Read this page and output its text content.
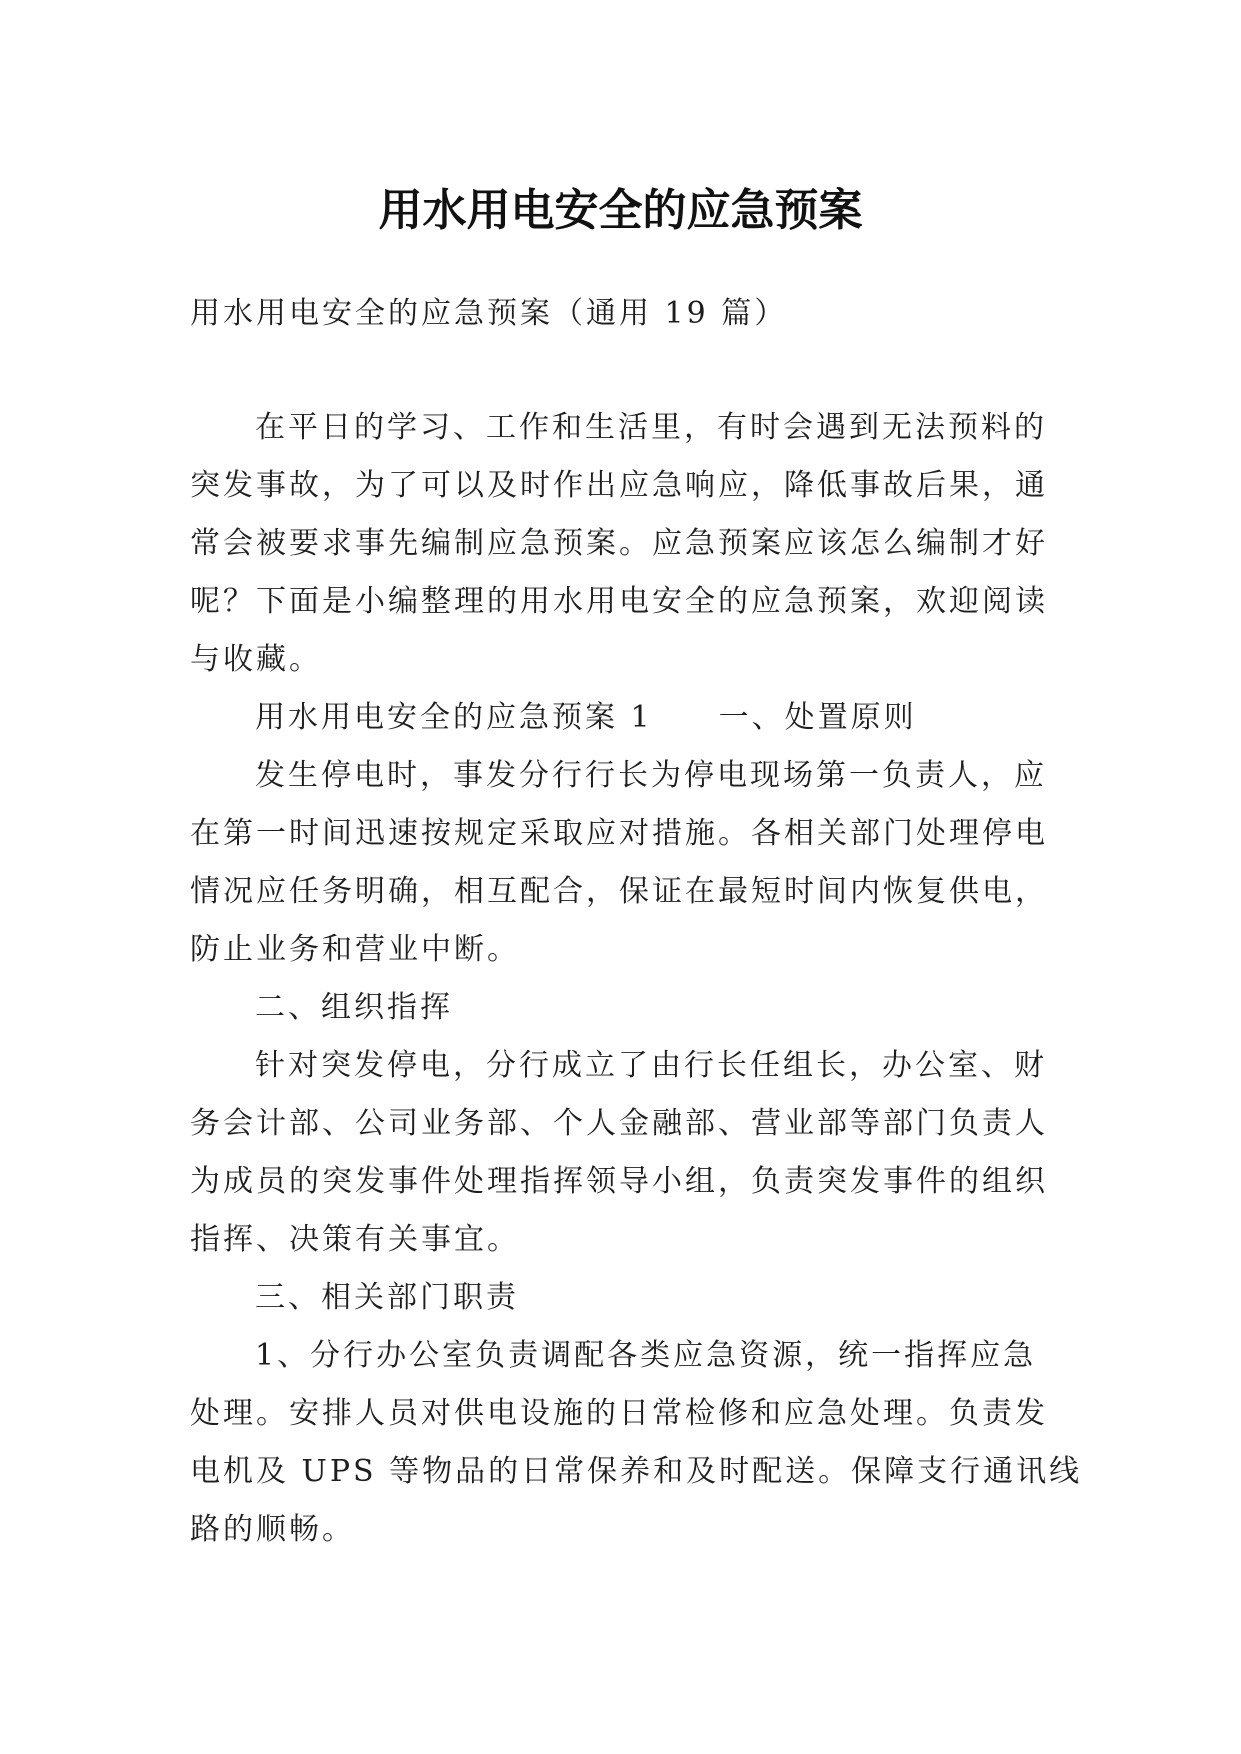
用水用电安全的应急预案
用水用电安全的应急预案（通用 19 篇）
在平日的学习、工作和生活里，有时会遇到无法预料的
突发事故，为了可以及时作出应急响应，降低事故后果，通
常会被要求事先编制应急预案。应急预案应该怎么编制才好
呢？下面是小编整理的用水用电安全的应急预案，欢迎阅读
与收藏。
用水用电安全的应急预案 1　　一、处置原则
发生停电时，事发分行行长为停电现场第一负责人，应
在第一时间迅速按规定采取应对措施。各相关部门处理停电
情况应任务明确，相互配合，保证在最短时间内恢复供电，
防止业务和营业中断。
二、组织指挥
针对突发停电，分行成立了由行长任组长，办公室、财
务会计部、公司业务部、个人金融部、营业部等部门负责人
为成员的突发事件处理指挥领导小组，负责突发事件的组织
指挥、决策有关事宜。
三、相关部门职责
1、分行办公室负责调配各类应急资源，统一指挥应急
处理。安排人员对供电设施的日常检修和应急处理。负责发
电机及 UPS 等物品的日常保养和及时配送。保障支行通讯线
路的顺畅。
